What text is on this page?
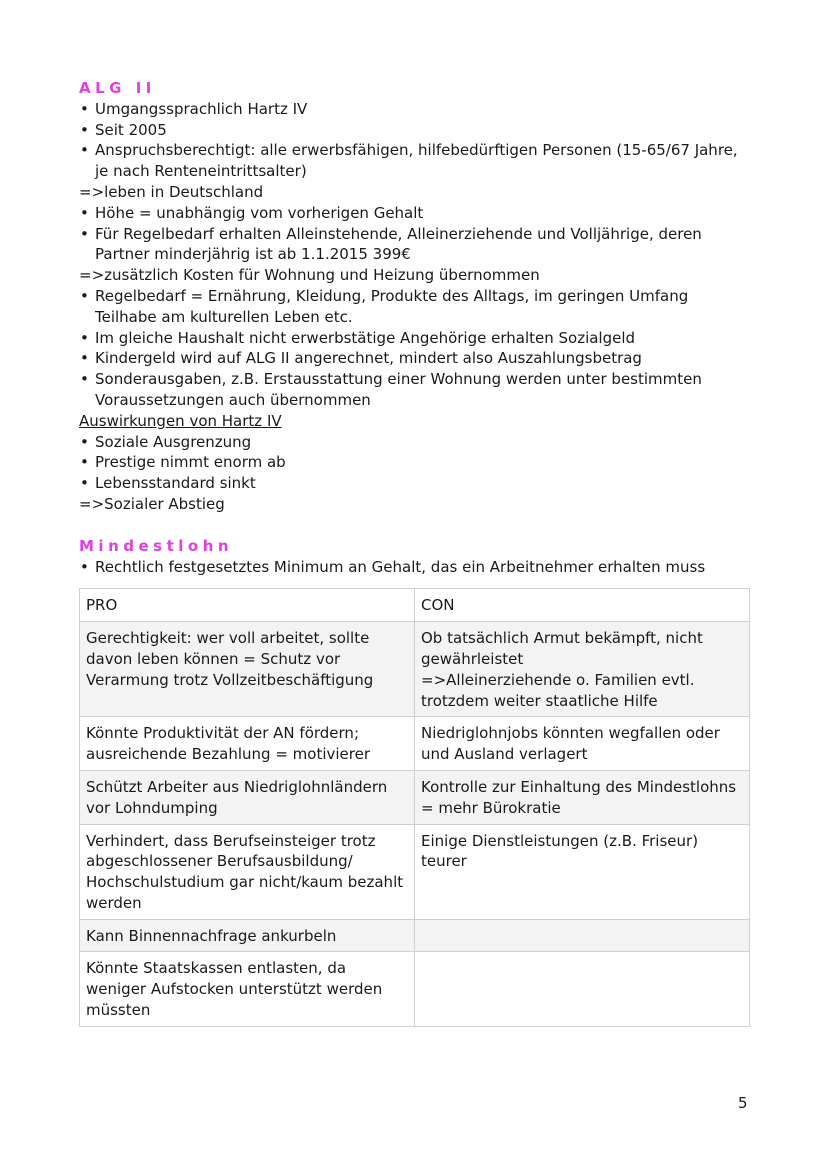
ALG II

• Umgangssprachlich Hartz IV
• Seit 2005
• Anspruchsberechtigt: alle erwerbsfähigen, hilfebedürftigen Personen (15-65/67 Jahre, je nach Renteneintrittsalter)

=>leben in Deutschland

• Höhe = unabhängig vom vorherigen Gehalt
• Für Regelbedarf erhalten Alleinstehende, Alleinerziehende und Volljährige, deren Partner minderjährig ist ab 1.1.2015 399€

=>zusätzlich Kosten für Wohnung und Heizung übernommen

• Regelbedarf = Ernährung, Kleidung, Produkte des Alltags, im geringen Umfang Teilhabe am kulturellen Leben etc.
• Im gleiche Haushalt nicht erwerbstätige Angehörige erhalten Sozialgeld
• Kindergeld wird auf ALG II angerechnet, mindert also Auszahlungsbetrag
• Sonderausgaben, z.B. Erstausstattung einer Wohnung werden unter bestimmten Voraussetzungen auch übernommen

Auswirkungen von Hartz IV

• Soziale Ausgrenzung
• Prestige nimmt enorm ab
• Lebensstandard sinkt

=>Sozialer Abstieg

Mindestlohn

• Rechtlich festgesetztes Minimum an Gehalt, das ein Arbeitnehmer erhalten muss
PRO	CON
Gerechtigkeit: wer voll arbeitet, sollte davon leben können = Schutz vor Verarmung trotz Vollzeitbeschäftigung	Ob tatsächlich Armut bekämpft, nicht gewährleistet
=>Alleinerziehende o. Familien evtl. trotzdem weiter staatliche Hilfe
Könnte Produktivität der AN fördern; ausreichende Bezahlung = motivierer	Niedriglohnjobs könnten wegfallen oder und Ausland verlagert
Schützt Arbeiter aus Niedriglohnländern vor Lohndumping	Kontrolle zur Einhaltung des Mindestlohns = mehr Bürokratie
Verhindert, dass Berufseinsteiger trotz abgeschlossener Berufsausbildung/ Hochschulstudium gar nicht/kaum bezahlt werden	Einige Dienstleistungen (z.B. Friseur) teurer
Kann Binnennachfrage ankurbeln	
Könnte Staatskassen entlasten, da weniger Aufstocken unterstützt werden müssten	
5
